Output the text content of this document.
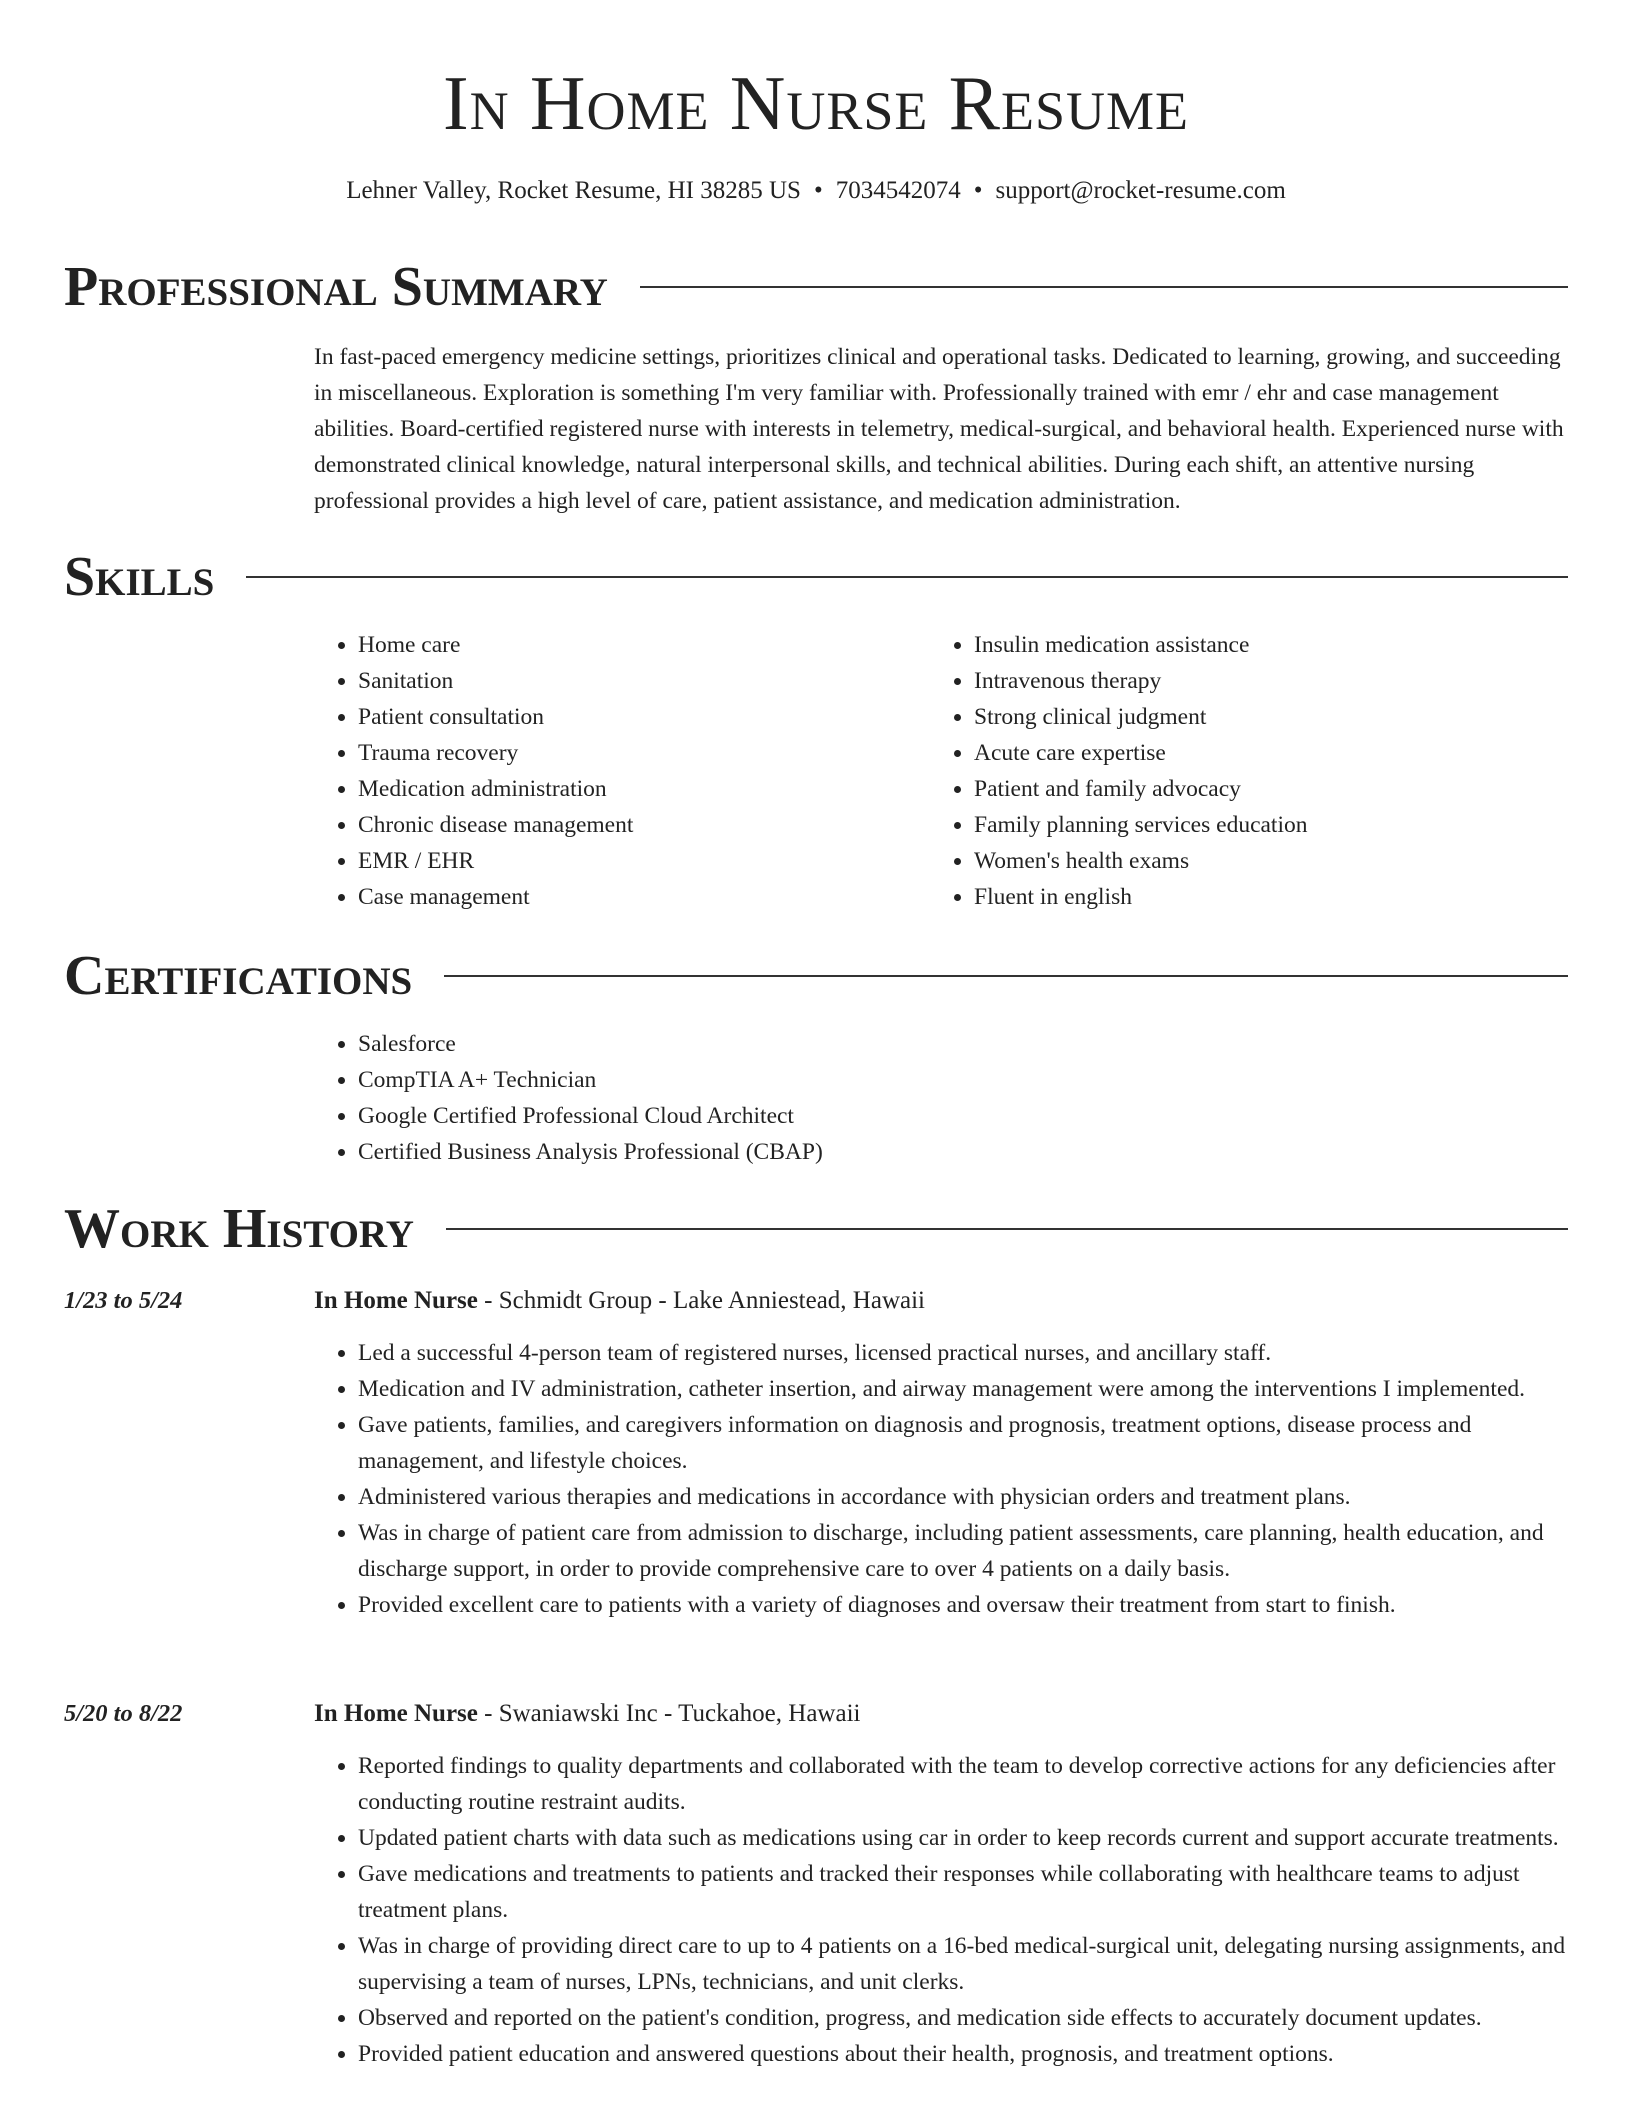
In Home Nurse Resume
Lehner Valley, Rocket Resume, HI 38285 US • 7034542074 • support@rocket-resume.com
Professional Summary

In fast-paced emergency medicine settings, prioritizes clinical and operational tasks. Dedicated to learning, growing, and succeeding in miscellaneous. Exploration is something I'm very familiar with. Professionally trained with emr / ehr and case management abilities. Board-certified registered nurse with interests in telemetry, medical-surgical, and behavioral health. Experienced nurse with demonstrated clinical knowledge, natural interpersonal skills, and technical abilities. During each shift, an attentive nursing professional provides a high level of care, patient assistance, and medication administration.

Skills
• Home care
• Sanitation
• Patient consultation
• Trauma recovery
• Medication administration
• Chronic disease management
• EMR / EHR
• Case management
• Insulin medication assistance
• Intravenous therapy
• Strong clinical judgment
• Acute care expertise
• Patient and family advocacy
• Family planning services education
• Women's health exams
• Fluent in english
Certifications
• Salesforce
• CompTIA A+ Technician
• Google Certified Professional Cloud Architect
• Certified Business Analysis Professional (CBAP)
Work History
1/23 to 5/24	In Home Nurse - Schmidt Group - Lake Anniestead, Hawaii
• Led a successful 4-person team of registered nurses, licensed practical nurses, and ancillary staff.
• Medication and IV administration, catheter insertion, and airway management were among the interventions I implemented.
• Gave patients, families, and caregivers information on diagnosis and prognosis, treatment options, disease process and management, and lifestyle choices.
• Administered various therapies and medications in accordance with physician orders and treatment plans.
• Was in charge of patient care from admission to discharge, including patient assessments, care planning, health education, and discharge support, in order to provide comprehensive care to over 4 patients on a daily basis.
• Provided excellent care to patients with a variety of diagnoses and oversaw their treatment from start to finish.
5/20 to 8/22	In Home Nurse - Swaniawski Inc - Tuckahoe, Hawaii
• Reported findings to quality departments and collaborated with the team to develop corrective actions for any deficiencies after conducting routine restraint audits.
• Updated patient charts with data such as medications using car in order to keep records current and support accurate treatments.
• Gave medications and treatments to patients and tracked their responses while collaborating with healthcare teams to adjust treatment plans.
• Was in charge of providing direct care to up to 4 patients on a 16-bed medical-surgical unit, delegating nursing assignments, and supervising a team of nurses, LPNs, technicians, and unit clerks.
• Observed and reported on the patient's condition, progress, and medication side effects to accurately document updates.
• Provided patient education and answered questions about their health, prognosis, and treatment options.
